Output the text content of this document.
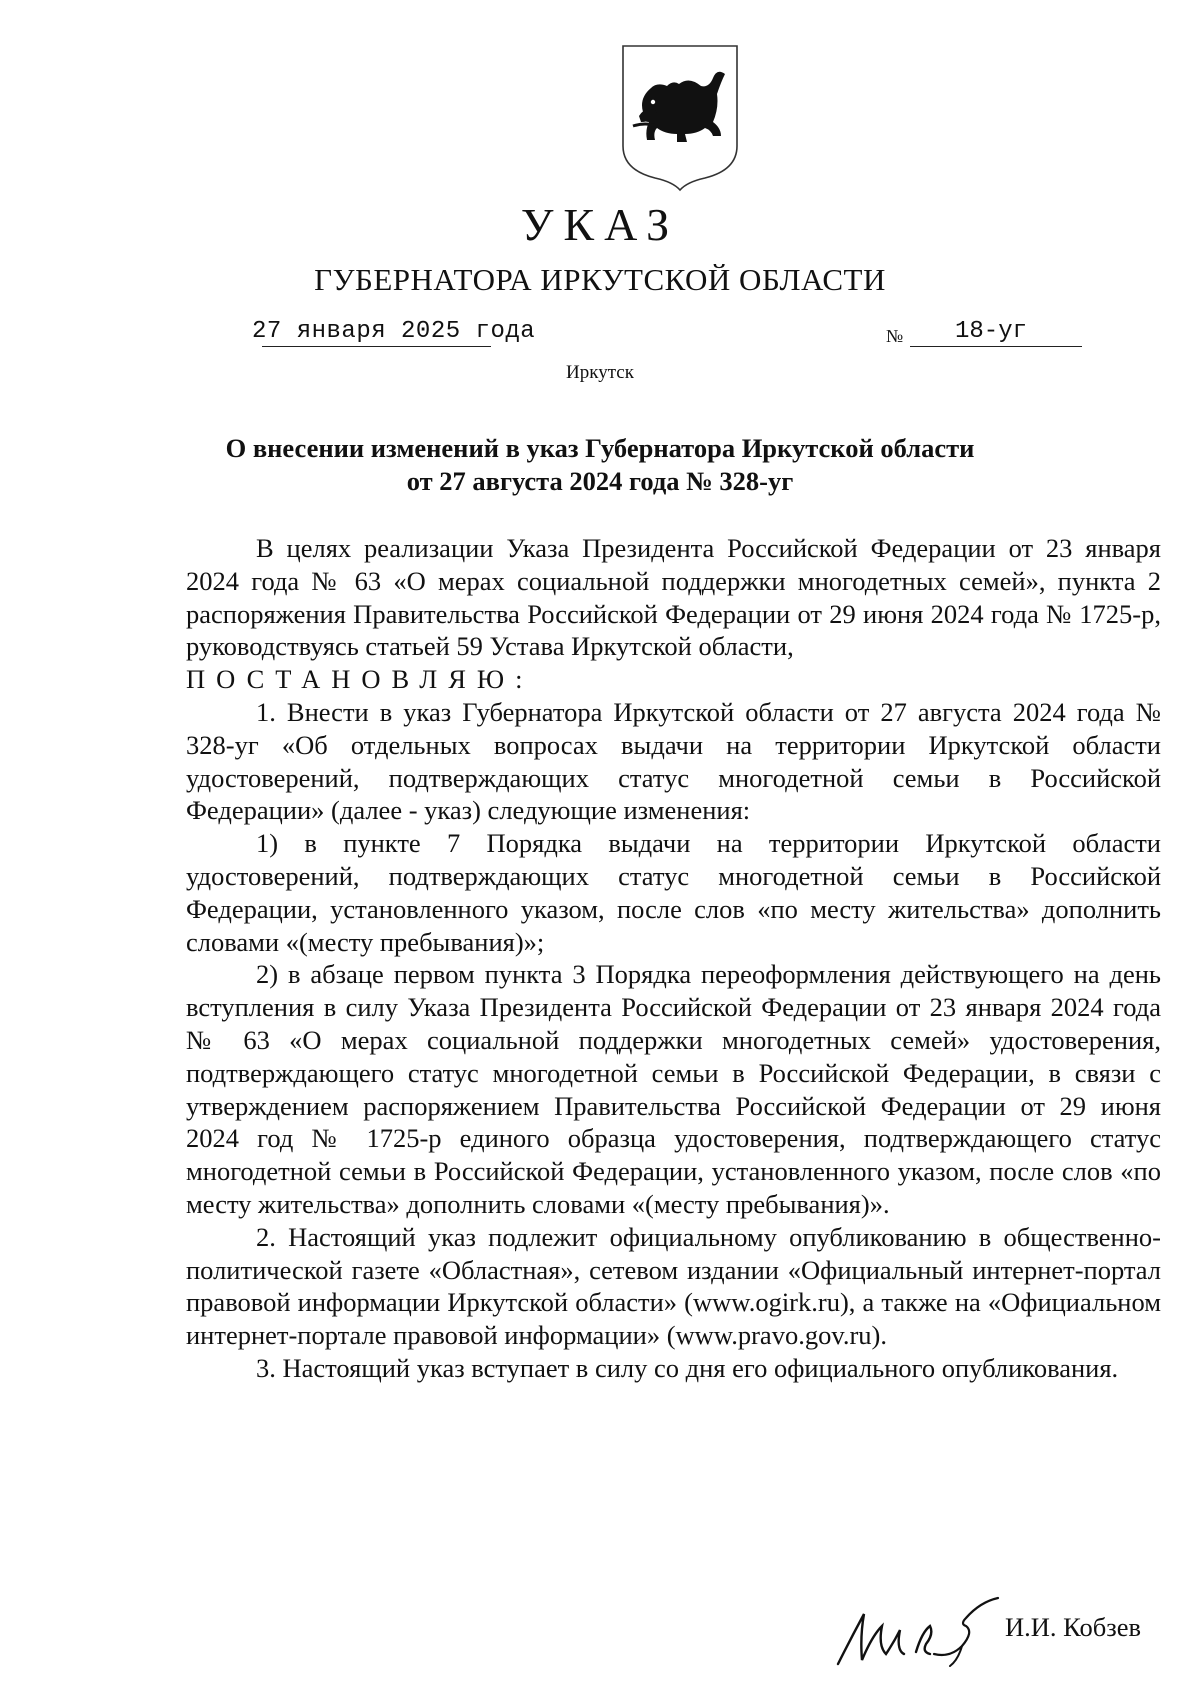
УКАЗ
ГУБЕРНАТОРА ИРКУТСКОЙ ОБЛАСТИ
27 января 2025 года	№ 18-уг
Иркутск
О внесении изменений в указ Губернатора Иркутской области
от 27 августа 2024 года № 328-уг

В целях реализации Указа Президента Российской Федерации от 23 января 2024 года № 63 «О мерах социальной поддержки многодетных семей», пункта 2 распоряжения Правительства Российской Федерации от 29 июня 2024 года № 1725-р, руководствуясь статьей 59 Устава Иркутской области,

ПОСТАНОВЛЯЮ:

1. Внести в указ Губернатора Иркутской области от 27 августа 2024 года № 328-уг «Об отдельных вопросах выдачи на территории Иркутской области удостоверений, подтверждающих статус многодетной семьи в Российской Федерации» (далее - указ) следующие изменения:

1) в пункте 7 Порядка выдачи на территории Иркутской области удостоверений, подтверждающих статус многодетной семьи в Российской Федерации, установленного указом, после слов «по месту жительства» дополнить словами «(месту пребывания)»;

2) в абзаце первом пункта 3 Порядка переоформления действующего на день вступления в силу Указа Президента Российской Федерации от 23 января 2024 года № 63 «О мерах социальной поддержки многодетных семей» удостоверения, подтверждающего статус многодетной семьи в Российской Федерации, в связи с утверждением распоряжением Правительства Российской Федерации от 29 июня 2024 год № 1725-р единого образца удостоверения, подтверждающего статус многодетной семьи в Российской Федерации, установленного указом, после слов «по месту жительства» дополнить словами «(месту пребывания)».

2. Настоящий указ подлежит официальному опубликованию в общественно-политической газете «Областная», сетевом издании «Официальный интернет-портал правовой информации Иркутской области» (www.ogirk.ru), а также на «Официальном интернет-портале правовой информации» (www.pravo.gov.ru).

3. Настоящий указ вступает в силу со дня его официального опубликования.

И.И. Кобзев
